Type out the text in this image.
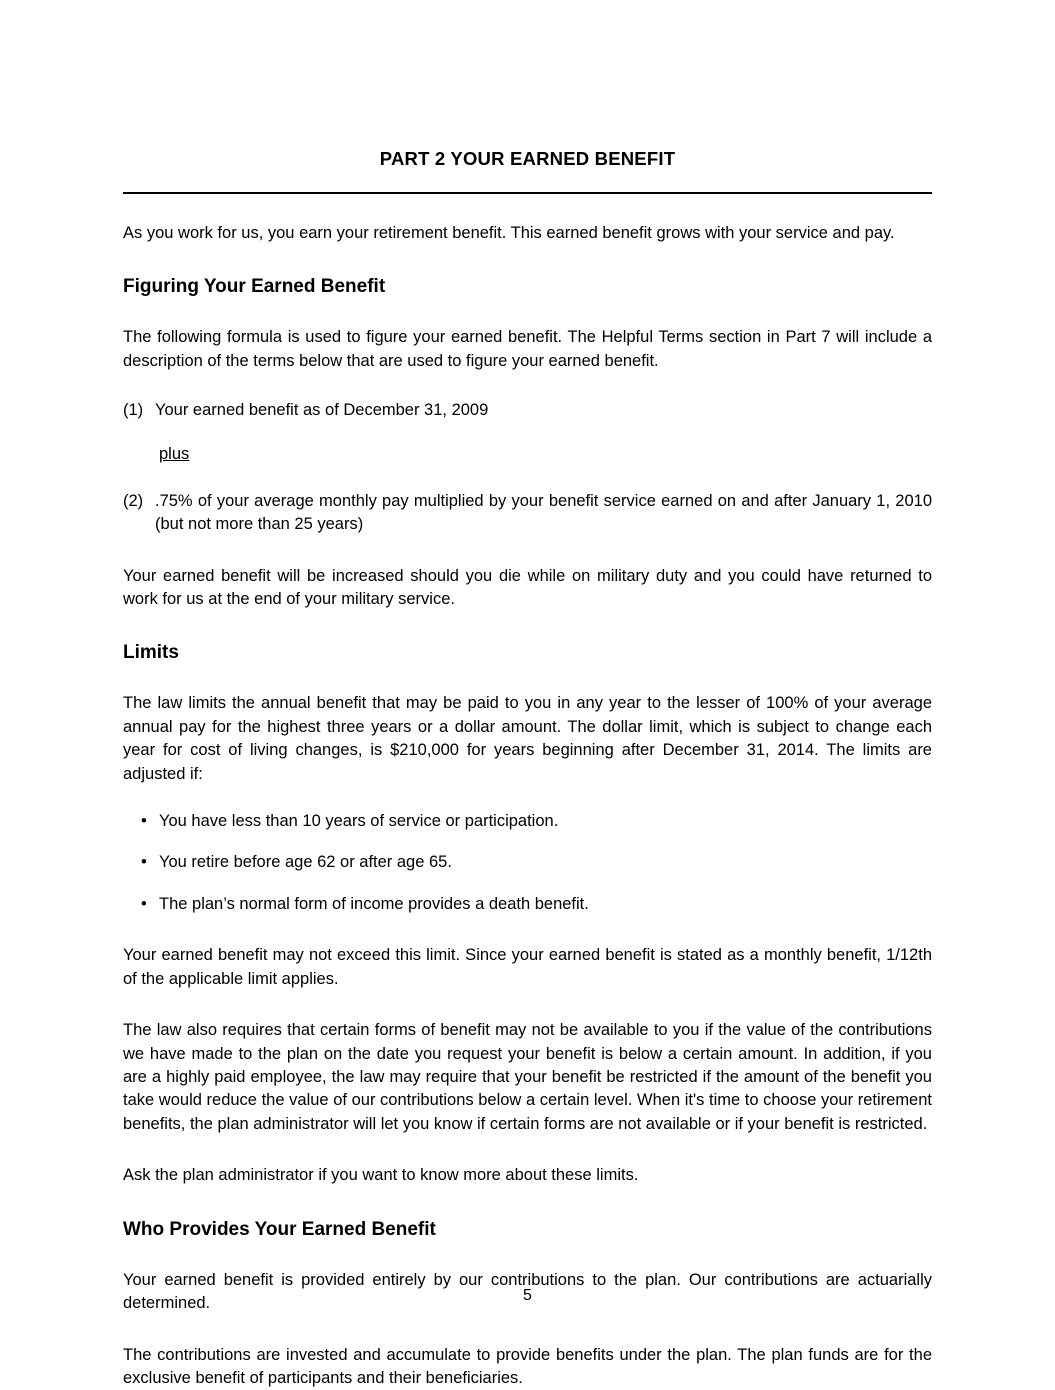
PART 2 YOUR EARNED BENEFIT

As you work for us, you earn your retirement benefit. This earned benefit grows with your service and pay.

Figuring Your Earned Benefit

The following formula is used to figure your earned benefit. The Helpful Terms section in Part 7 will include a description of the terms below that are used to figure your earned benefit.

(1) Your earned benefit as of December 31, 2009
plus
(2) .75% of your average monthly pay multiplied by your benefit service earned on and after January 1, 2010 (but not more than 25 years)

Your earned benefit will be increased should you die while on military duty and you could have returned to work for us at the end of your military service.

Limits

The law limits the annual benefit that may be paid to you in any year to the lesser of 100% of your average annual pay for the highest three years or a dollar amount. The dollar limit, which is subject to change each year for cost of living changes, is $210,000 for years beginning after December 31, 2014. The limits are adjusted if:

• You have less than 10 years of service or participation.
• You retire before age 62 or after age 65.
• The plan’s normal form of income provides a death benefit.

Your earned benefit may not exceed this limit. Since your earned benefit is stated as a monthly benefit, 1/12th of the applicable limit applies.

The law also requires that certain forms of benefit may not be available to you if the value of the contributions we have made to the plan on the date you request your benefit is below a certain amount. In addition, if you are a highly paid employee, the law may require that your benefit be restricted if the amount of the benefit you take would reduce the value of our contributions below a certain level. When it's time to choose your retirement benefits, the plan administrator will let you know if certain forms are not available or if your benefit is restricted.

Ask the plan administrator if you want to know more about these limits.

Who Provides Your Earned Benefit

Your earned benefit is provided entirely by our contributions to the plan. Our contributions are actuarially determined.

The contributions are invested and accumulate to provide benefits under the plan. The plan funds are for the exclusive benefit of participants and their beneficiaries.

5
